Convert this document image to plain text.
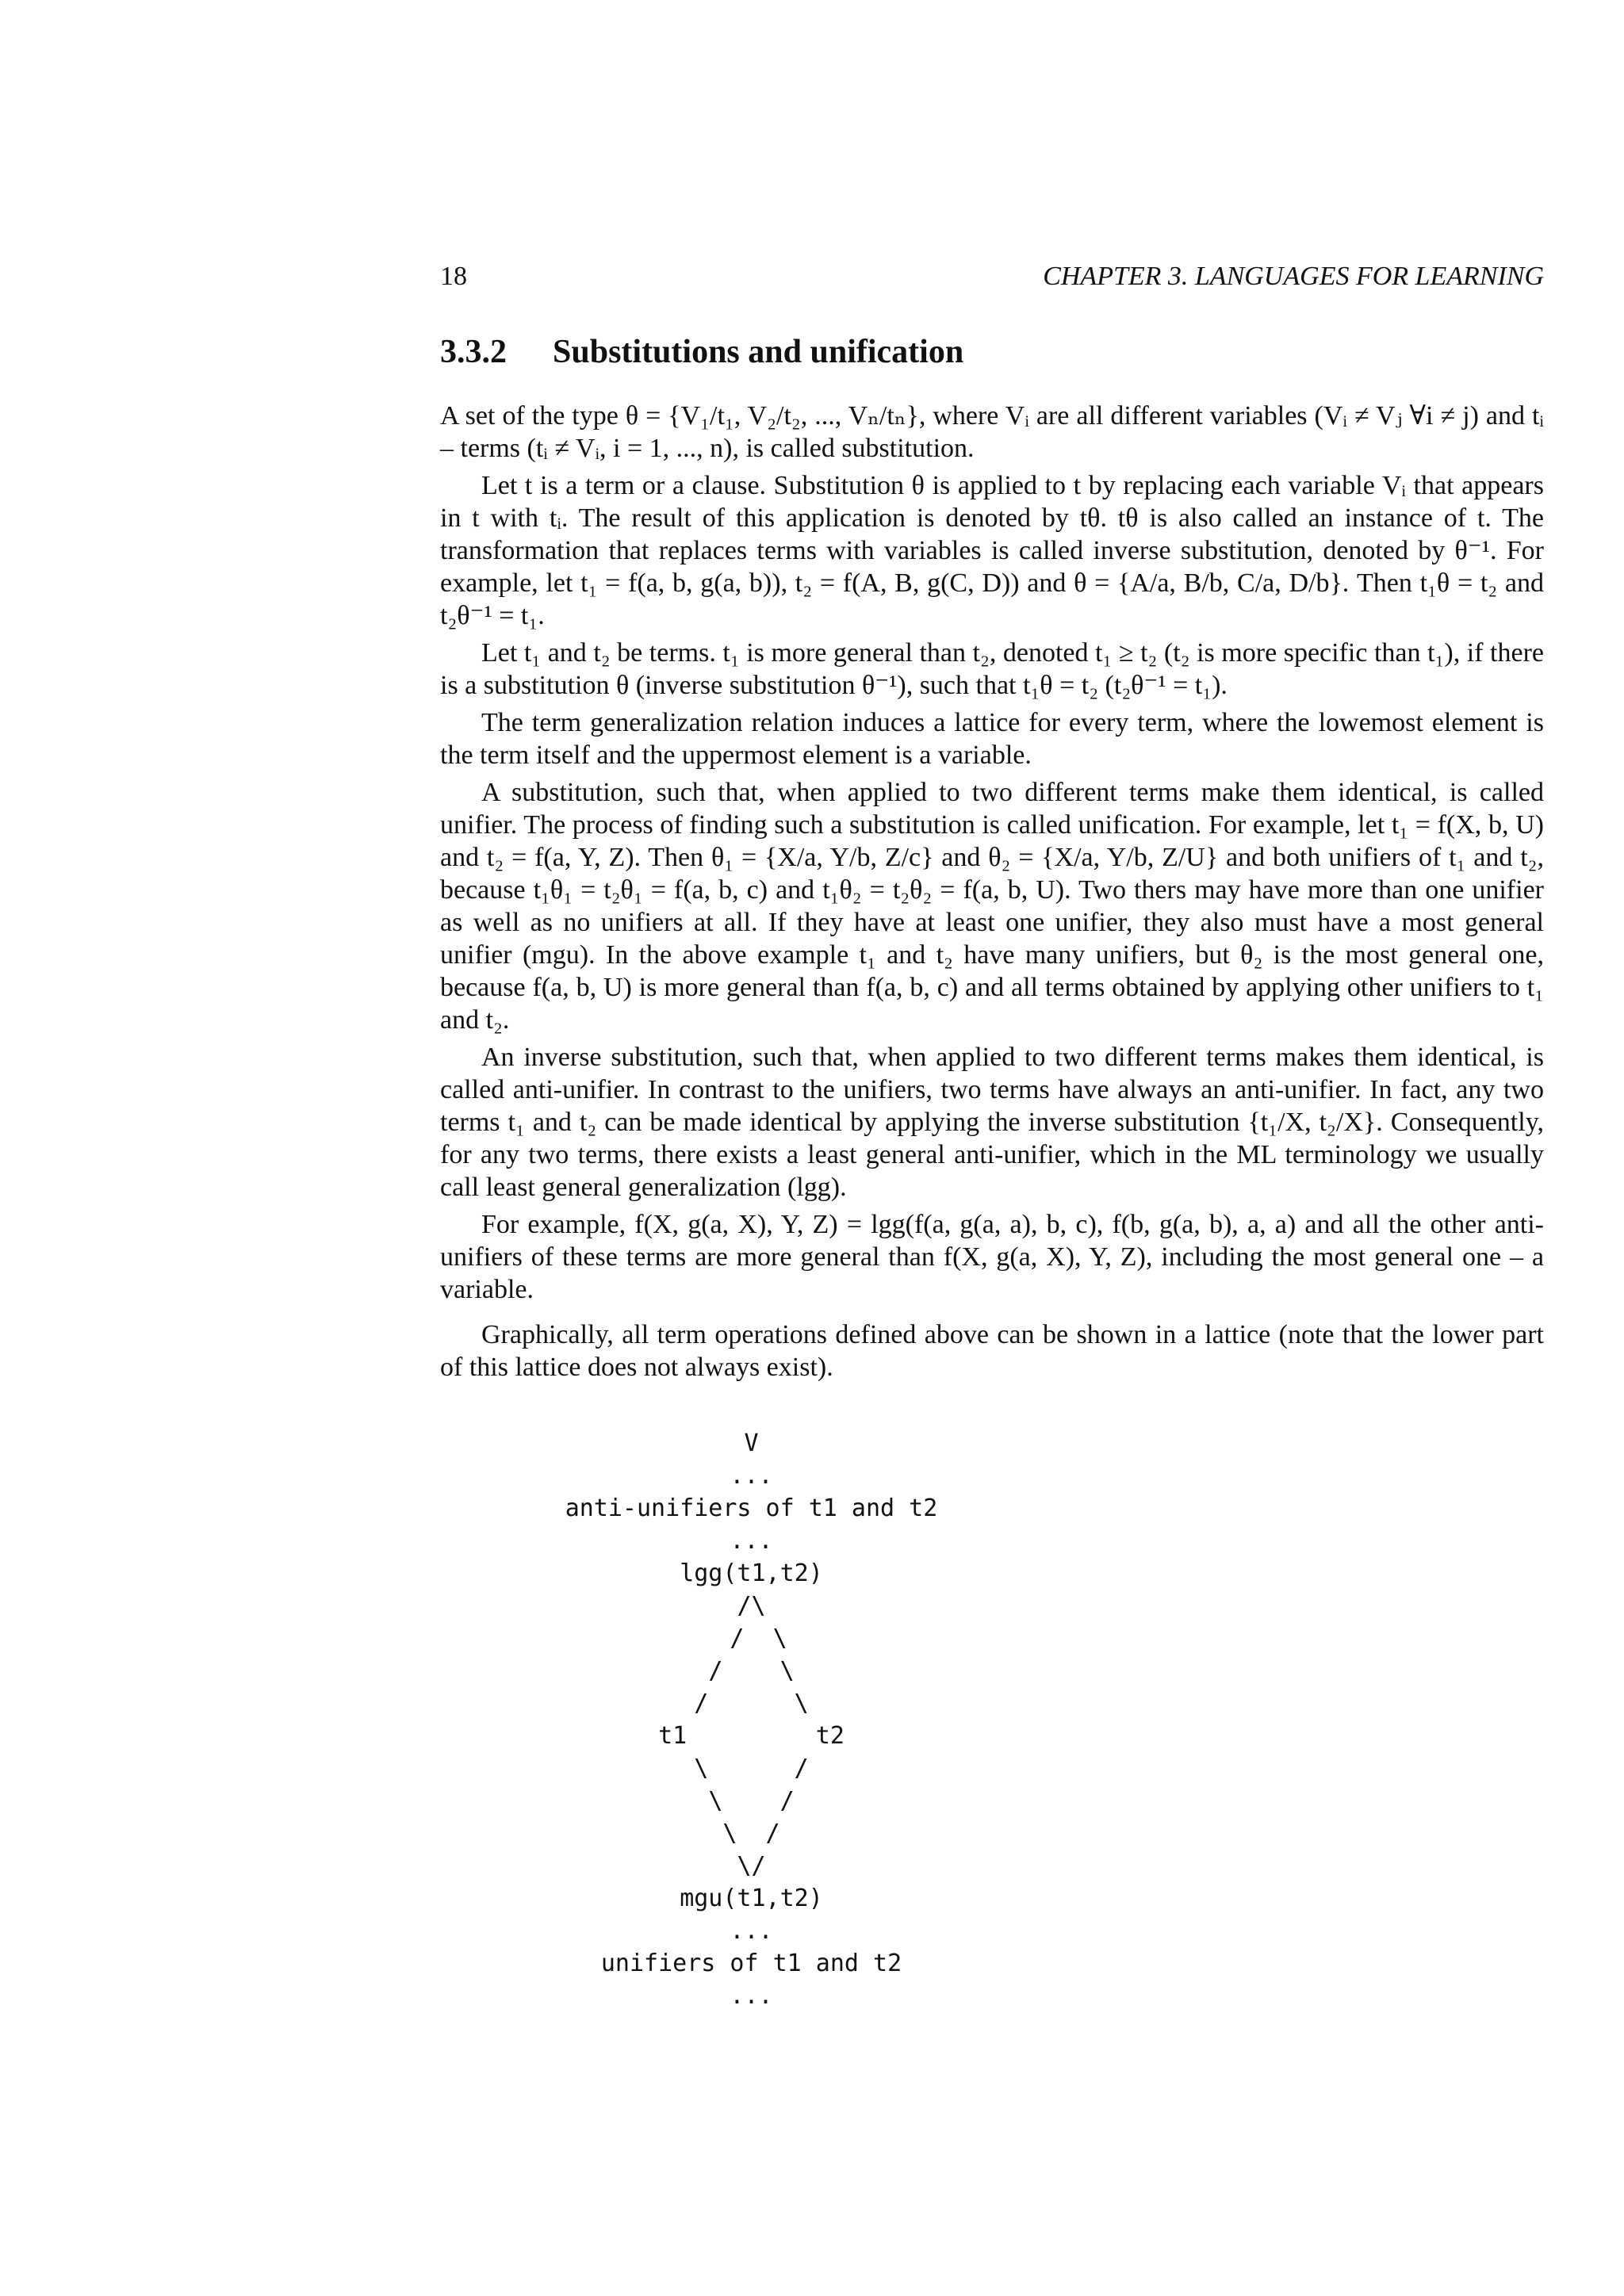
18	CHAPTER 3. LANGUAGES FOR LEARNING
3.3.2 Substitutions and unification

A set of the type θ = {V₁/t₁, V₂/t₂, ..., Vₙ/tₙ}, where Vᵢ are all different variables (Vᵢ ≠ Vⱼ ∀i ≠ j) and tᵢ – terms (tᵢ ≠ Vᵢ, i = 1, ..., n), is called substitution.

Let t is a term or a clause. Substitution θ is applied to t by replacing each variable Vᵢ that appears in t with tᵢ. The result of this application is denoted by tθ. tθ is also called an instance of t. The transformation that replaces terms with variables is called inverse substitution, denoted by θ⁻¹. For example, let t₁ = f(a, b, g(a, b)), t₂ = f(A, B, g(C, D)) and θ = {A/a, B/b, C/a, D/b}. Then t₁θ = t₂ and t₂θ⁻¹ = t₁.

Let t₁ and t₂ be terms. t₁ is more general than t₂, denoted t₁ ≥ t₂ (t₂ is more specific than t₁), if there is a substitution θ (inverse substitution θ⁻¹), such that t₁θ = t₂ (t₂θ⁻¹ = t₁).

The term generalization relation induces a lattice for every term, where the lowemost element is the term itself and the uppermost element is a variable.

A substitution, such that, when applied to two different terms make them identical, is called unifier. The process of finding such a substitution is called unification. For example, let t₁ = f(X, b, U) and t₂ = f(a, Y, Z). Then θ₁ = {X/a, Y/b, Z/c} and θ₂ = {X/a, Y/b, Z/U} and both unifiers of t₁ and t₂, because t₁θ₁ = t₂θ₁ = f(a, b, c) and t₁θ₂ = t₂θ₂ = f(a, b, U). Two thers may have more than one unifier as well as no unifiers at all. If they have at least one unifier, they also must have a most general unifier (mgu). In the above example t₁ and t₂ have many unifiers, but θ₂ is the most general one, because f(a, b, U) is more general than f(a, b, c) and all terms obtained by applying other unifiers to t₁ and t₂.

An inverse substitution, such that, when applied to two different terms makes them identical, is called anti-unifier. In contrast to the unifiers, two terms have always an anti-unifier. In fact, any two terms t₁ and t₂ can be made identical by applying the inverse substitution {t₁/X, t₂/X}. Consequently, for any two terms, there exists a least general anti-unifier, which in the ML terminology we usually call least general generalization (lgg).

For example, f(X, g(a, X), Y, Z) = lgg(f(a, g(a, a), b, c), f(b, g(a, b), a, a) and all the other anti-unifiers of these terms are more general than f(X, g(a, X), Y, Z), including the most general one – a variable.

Graphically, all term operations defined above can be shown in a lattice (note that the lower part of this lattice does not always exist).

V
...
anti-unifiers of t1 and t2
...
lgg(t1,t2)
/\
/  \
/    \
/      \
t1         t2
\      /
\    /
\  /
\/
mgu(t1,t2)
...
unifiers of t1 and t2
...
